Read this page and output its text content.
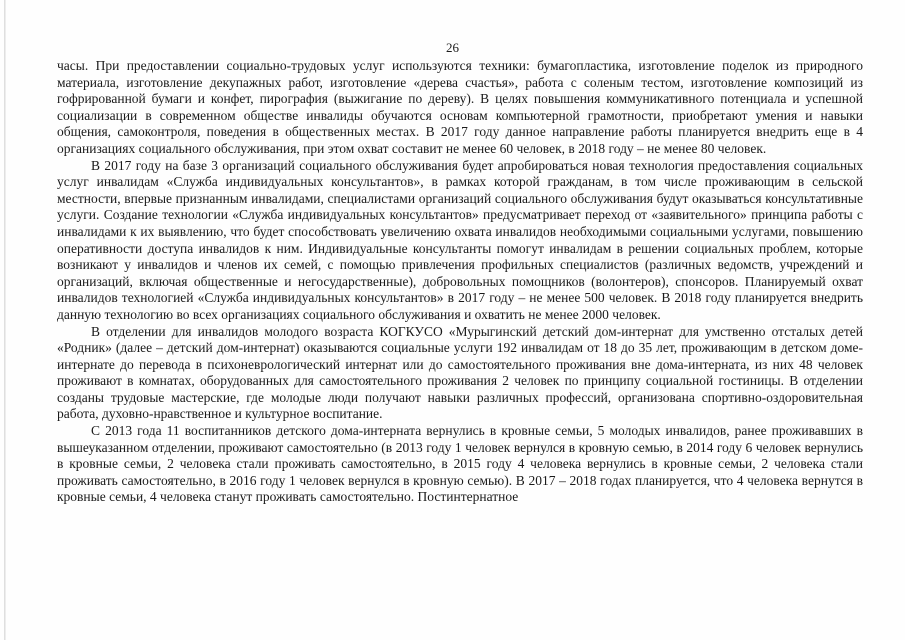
26

часы. При предоставлении социально-трудовых услуг используются техники: бумагопластика, изготовление поделок из природного материала, изготовление декупажных работ, изготовление «дерева счастья», работа с соленым тестом, изготовление композиций из гофрированной бумаги и конфет, пирография (выжигание по дереву). В целях повышения коммуникативного потенциала и успешной социализации в современном обществе инвалиды обучаются основам компьютерной грамотности, приобретают умения и навыки общения, самоконтроля, поведения в общественных местах. В 2017 году данное направление работы планируется внедрить еще в 4 организациях социального обслуживания, при этом охват составит не менее 60 человек, в 2018 году – не менее 80 человек.

В 2017 году на базе 3 организаций социального обслуживания будет апробироваться новая технология предоставления социальных услуг инвалидам «Служба индивидуальных консультантов», в рамках которой гражданам, в том числе проживающим в сельской местности, впервые признанным инвалидами, специалистами организаций социального обслуживания будут оказываться консультативные услуги. Создание технологии «Служба индивидуальных консультантов» предусматривает переход от «заявительного» принципа работы с инвалидами к их выявлению, что будет способствовать увеличению охвата инвалидов необходимыми социальными услугами, повышению оперативности доступа инвалидов к ним. Индивидуальные консультанты помогут инвалидам в решении социальных проблем, которые возникают у инвалидов и членов их семей, с помощью привлечения профильных специалистов (различных ведомств, учреждений и организаций, включая общественные и негосударственные), добровольных помощников (волонтеров), спонсоров. Планируемый охват инвалидов технологией «Служба индивидуальных консультантов» в 2017 году – не менее 500 человек. В 2018 году планируется внедрить данную технологию во всех организациях социального обслуживания и охватить не менее 2000 человек.

В отделении для инвалидов молодого возраста КОГКУСО «Мурыгинский детский дом-интернат для умственно отсталых детей «Родник» (далее – детский дом-интернат) оказываются социальные услуги 192 инвалидам от 18 до 35 лет, проживающим в детском доме-интернате до перевода в психоневрологический интернат или до самостоятельного проживания вне дома-интерната, из них 48 человек проживают в комнатах, оборудованных для самостоятельного проживания 2 человек по принципу социальной гостиницы. В отделении созданы трудовые мастерские, где молодые люди получают навыки различных профессий, организована спортивно-оздоровительная работа, духовно-нравственное и культурное воспитание.

С 2013 года 11 воспитанников детского дома-интерната вернулись в кровные семьи, 5 молодых инвалидов, ранее проживавших в вышеуказанном отделении, проживают самостоятельно (в 2013 году 1 человек вернулся в кровную семью, в 2014 году 6 человек вернулись в кровные семьи, 2 человека стали проживать самостоятельно, в 2015 году 4 человека вернулись в кровные семьи, 2 человека стали проживать самостоятельно, в 2016 году 1 человек вернулся в кровную семью). В 2017 – 2018 годах планируется, что 4 человека вернутся в кровные семьи, 4 человека станут проживать самостоятельно. Постинтернатное
